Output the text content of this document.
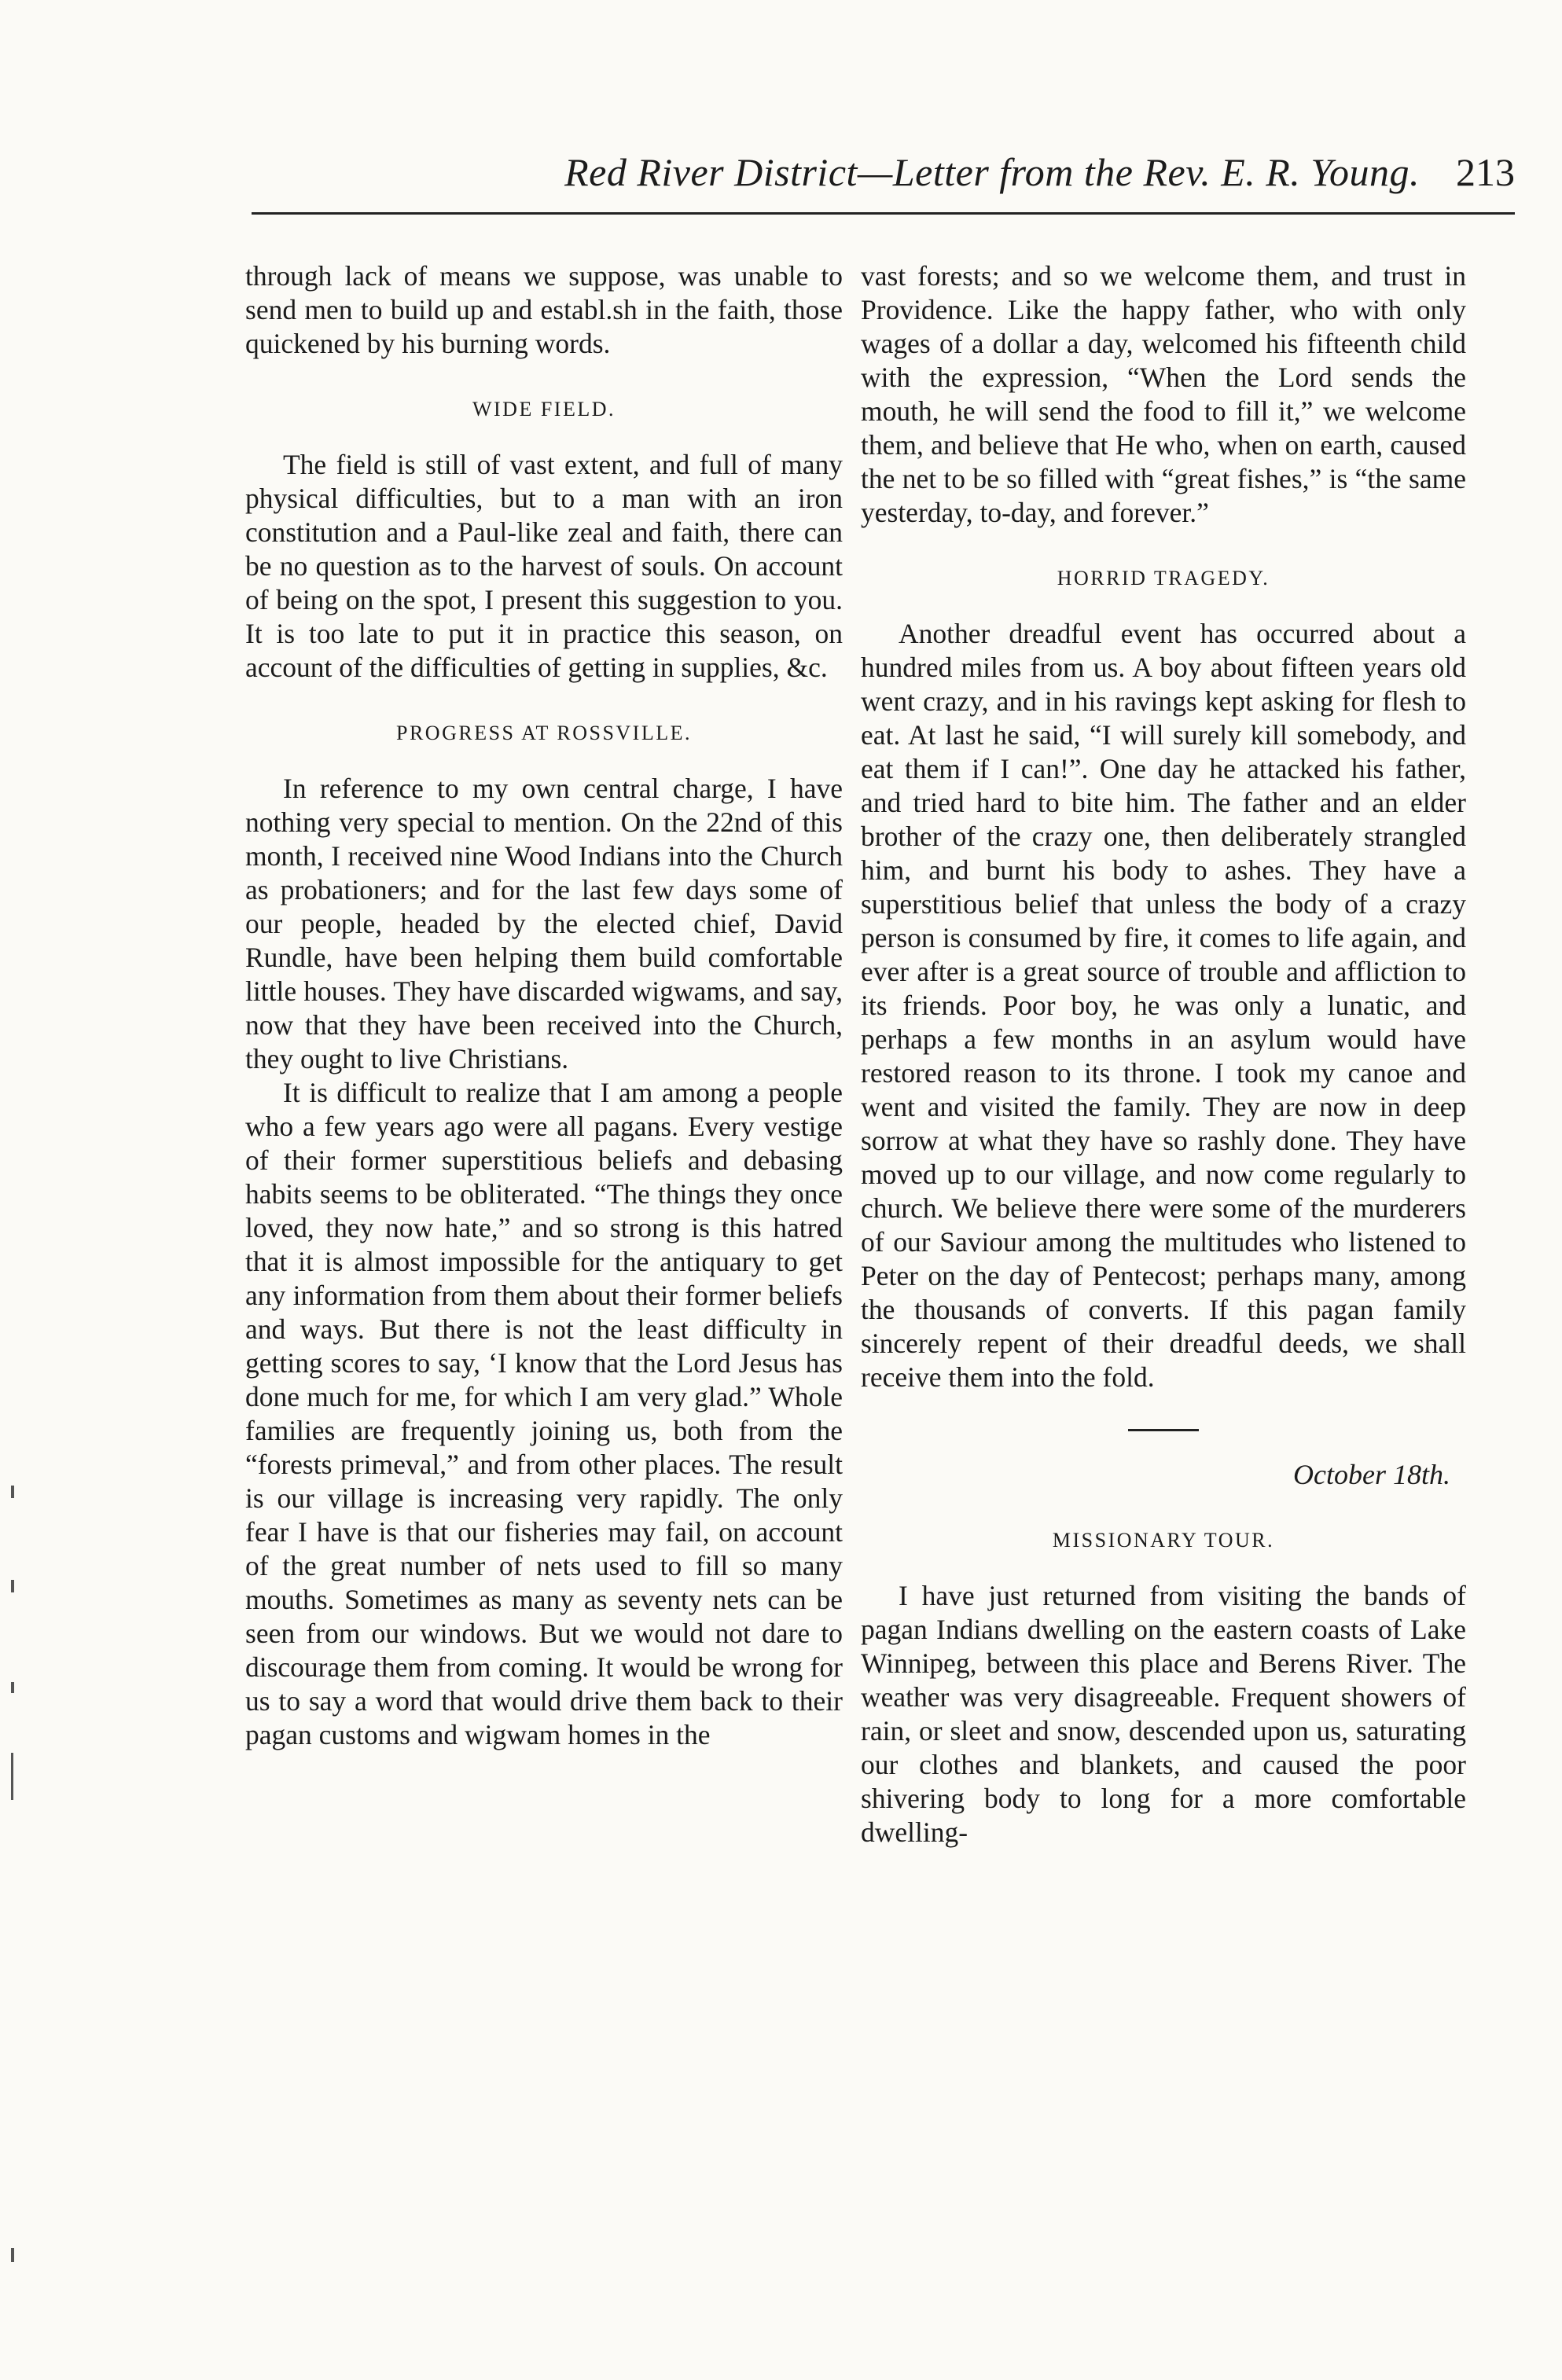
Red River District—Letter from the Rev. E. R. Young. 213

through lack of means we suppose, was unable to send men to build up and establ.sh in the faith, those quickened by his burning words.

WIDE FIELD.

The field is still of vast extent, and full of many physical difficulties, but to a man with an iron constitution and a Paul-like zeal and faith, there can be no question as to the harvest of souls. On account of being on the spot, I present this suggestion to you. It is too late to put it in practice this season, on account of the difficulties of getting in supplies, &c.

PROGRESS AT ROSSVILLE.

In reference to my own central charge, I have nothing very special to mention. On the 22nd of this month, I received nine Wood Indians into the Church as probationers; and for the last few days some of our people, headed by the elected chief, David Rundle, have been helping them build comfortable little houses. They have discarded wigwams, and say, now that they have been received into the Church, they ought to live Christians.

It is difficult to realize that I am among a people who a few years ago were all pagans. Every vestige of their former superstitious beliefs and debasing habits seems to be obliterated. “The things they once loved, they now hate,” and so strong is this hatred that it is almost impossible for the antiquary to get any information from them about their former beliefs and ways. But there is not the least difficulty in getting scores to say, ‘I know that the Lord Jesus has done much for me, for which I am very glad.” Whole families are frequently joining us, both from the “forests primeval,” and from other places. The result is our village is increasing very rapidly. The only fear I have is that our fisheries may fail, on account of the great number of nets used to fill so many mouths. Sometimes as many as seventy nets can be seen from our windows. But we would not dare to discourage them from coming. It would be wrong for us to say a word that would drive them back to their pagan customs and wigwam homes in the

vast forests; and so we welcome them, and trust in Providence. Like the happy father, who with only wages of a dollar a day, welcomed his fifteenth child with the expression, “When the Lord sends the mouth, he will send the food to fill it,” we welcome them, and believe that He who, when on earth, caused the net to be so filled with “great fishes,” is “the same yesterday, to-day, and forever.”

HORRID TRAGEDY.

Another dreadful event has occurred about a hundred miles from us. A boy about fifteen years old went crazy, and in his ravings kept asking for flesh to eat. At last he said, “I will surely kill somebody, and eat them if I can!”. One day he attacked his father, and tried hard to bite him. The father and an elder brother of the crazy one, then deliberately strangled him, and burnt his body to ashes. They have a superstitious belief that unless the body of a crazy person is consumed by fire, it comes to life again, and ever after is a great source of trouble and affliction to its friends. Poor boy, he was only a lunatic, and perhaps a few months in an asylum would have restored reason to its throne. I took my canoe and went and visited the family. They are now in deep sorrow at what they have so rashly done. They have moved up to our village, and now come regularly to church. We believe there were some of the murderers of our Saviour among the multitudes who listened to Peter on the day of Pentecost; perhaps many, among the thousands of converts. If this pagan family sincerely repent of their dreadful deeds, we shall receive them into the fold.

October 18th.
MISSIONARY TOUR.

I have just returned from visiting the bands of pagan Indians dwelling on the eastern coasts of Lake Winnipeg, between this place and Berens River. The weather was very disagreeable. Frequent showers of rain, or sleet and snow, descended upon us, saturating our clothes and blankets, and caused the poor shivering body to long for a more comfortable dwelling-
